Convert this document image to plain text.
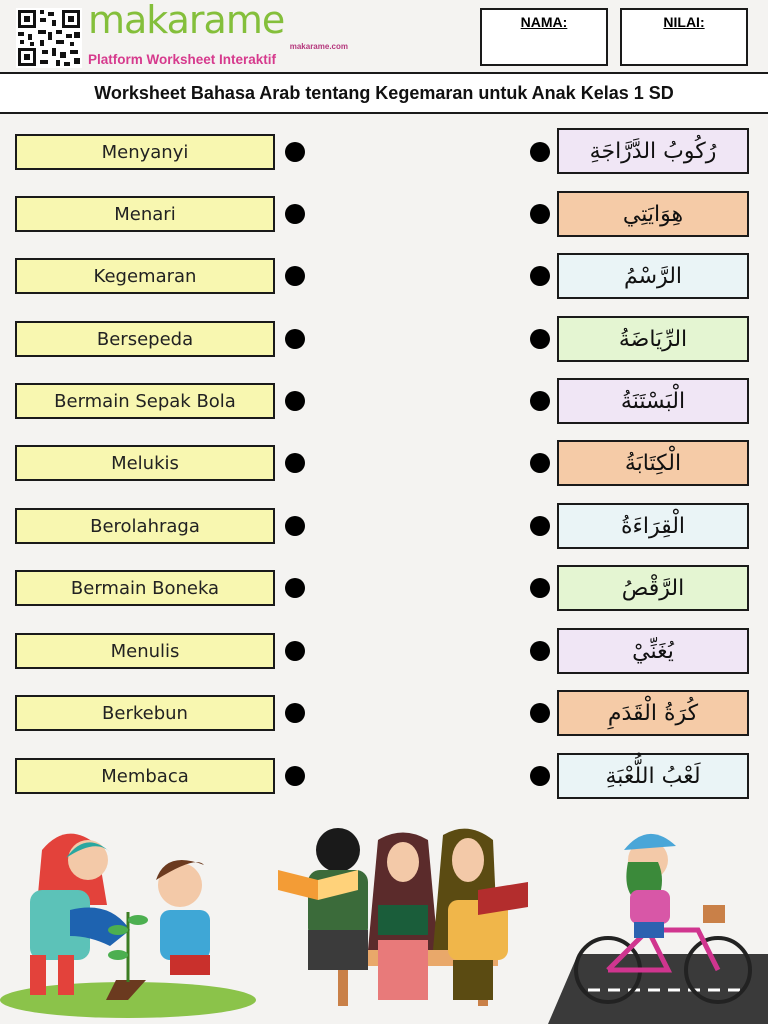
makarame
makarame.com
Platform Worksheet Interaktif
NAMA:	NILAI:
Worksheet Bahasa Arab tentang Kegemaran untuk Anak Kelas 1 SD
Menyanyi	رُكُوبُ الدَّرَّاجَةِ
Menari	هِوَايَتِي
Kegemaran	الرَّسْمُ
Bersepeda	الرِّيَاضَةُ
Bermain Sepak Bola	الْبَسْتَنَةُ
Melukis	الْكِتَابَةُ
Berolahraga	الْقِرَاءَةُ
Bermain Boneka	الرَّقْصُ
Menulis	يُغَنِّيْ
Berkebun	كُرَةُ الْقَدَمِ
Membaca	لَعْبُ اللُّعْبَةِ
